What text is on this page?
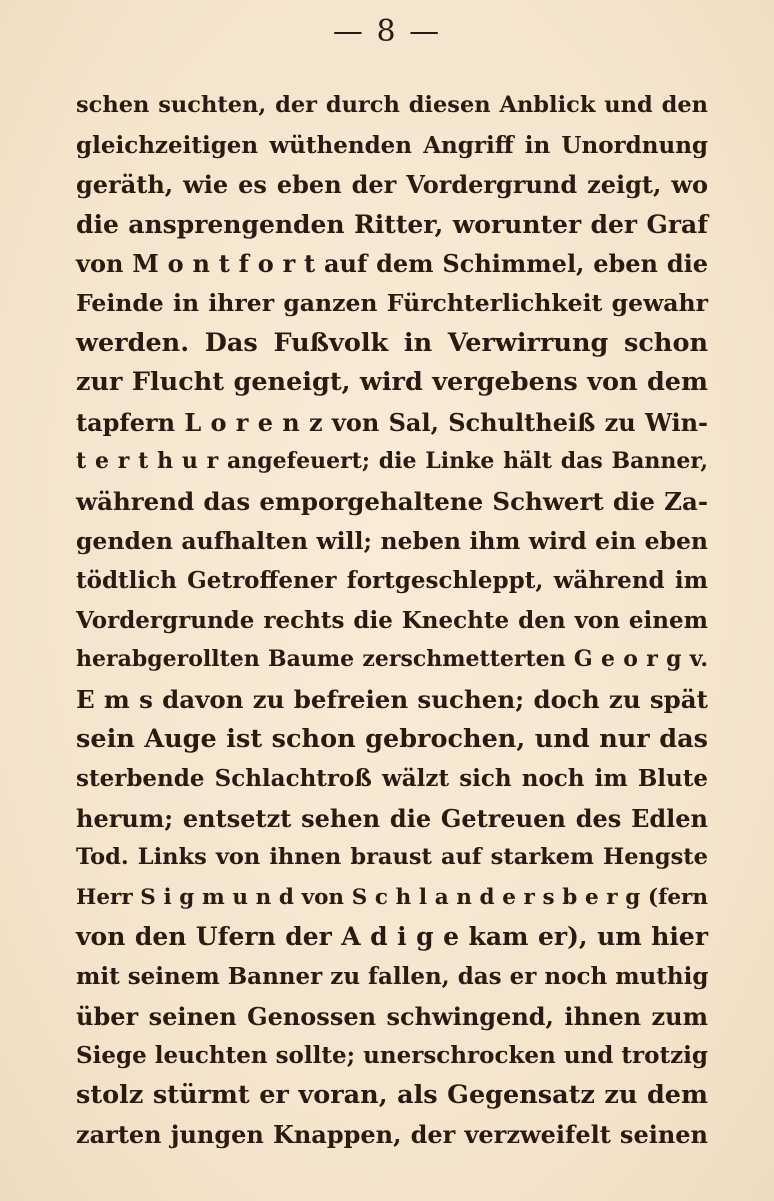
— 8 —
schen suchten, der durch diesen Anblick und den
gleichzeitigen wüthenden Angriff in Unordnung
geräth, wie es eben der Vordergrund zeigt, wo
die ansprengenden Ritter, worunter der Graf
von M o n t f o r t auf dem Schimmel, eben die
Feinde in ihrer ganzen Fürchterlichkeit gewahr
werden. Das Fußvolk in Verwirrung schon
zur Flucht geneigt, wird vergebens von dem
tapfern L o r e n z von Sal, Schultheiß zu Win-
t e r t h u r angefeuert; die Linke hält das Banner,
während das emporgehaltene Schwert die Za-
genden aufhalten will; neben ihm wird ein eben
tödtlich Getroffener fortgeschleppt, während im
Vordergrunde rechts die Knechte den von einem
herabgerollten Baume zerschmetterten G e o r g v.
E m s davon zu befreien suchen; doch zu spät
sein Auge ist schon gebrochen, und nur das
sterbende Schlachtroß wälzt sich noch im Blute
herum; entsetzt sehen die Getreuen des Edlen
Tod. Links von ihnen braust auf starkem Hengste
Herr S i g m u n d von S c h l a n d e r s b e r g (fern
von den Ufern der A d i g e kam er), um hier
mit seinem Banner zu fallen, das er noch muthig
über seinen Genossen schwingend, ihnen zum
Siege leuchten sollte; unerschrocken und trotzig
stolz stürmt er voran, als Gegensatz zu dem
zarten jungen Knappen, der verzweifelt seinen
